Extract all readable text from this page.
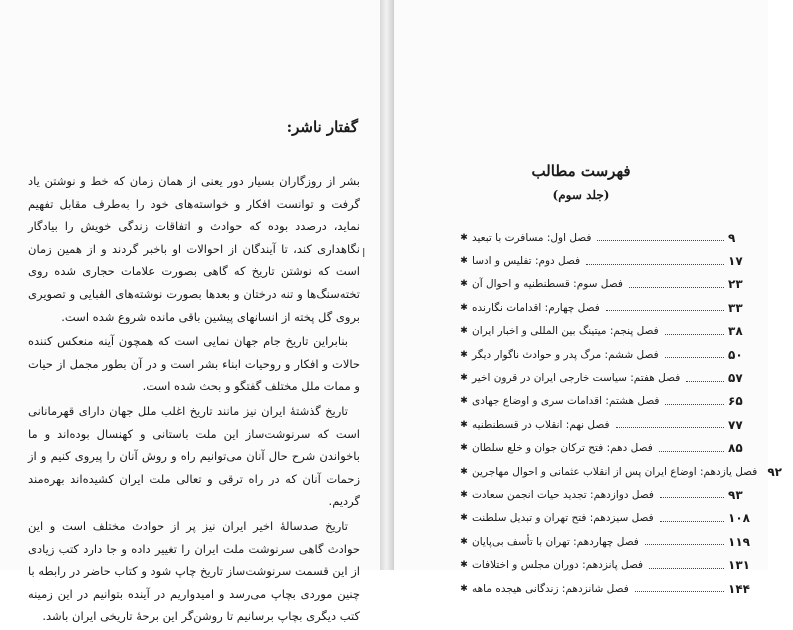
گفتار ناشر:

بشر از روزگاران بسیار دور یعنی از همان زمان که خط و نوشتن یاد گرفت و توانست افکار و خواسته‌های خود را به‌طرف مقابل تفهیم نماید، درصدد بوده که حوادث و اتفاقات زندگی خویش را بیادگار نگاهداری کند، تا آیندگان از احوالات او باخبر گردند و از همین زمان است که نوشتن تاریخ که گاهی بصورت علامات حجاری شده روی تخته‌سنگ‌ها و تنه درختان و بعدها بصورت نوشته‌های الفبایی و تصویری بروی گل پخته از انسانهای پیشین باقی مانده شروع شده است.

بنابراین تاریخ جام جهان نمایی است که همچون آینه منعکس کننده حالات و افکار و روحیات ابناء بشر است و در آن بطور مجمل از حیات و ممات ملل مختلف گفتگو و بحث شده است.

تاریخ گذشتهٔ ایران نیز مانند تاریخ اغلب ملل جهان دارای قهرمانانی است که سرنوشت‌ساز این ملت باستانی و کهنسال بوده‌اند و ما باخواندن شرح حال آنان می‌توانیم راه و روش آنان را پیروی کنیم و از زحمات آنان که در راه ترقی و تعالی ملت ایران کشیده‌اند بهره‌مند گردیم.

تاریخ صدسالهٔ اخیر ایران نیز پر از حوادث مختلف است و این حوادث گاهی سرنوشت ملت ایران را تغییر داده و جا دارد کتب زیادی از این قسمت سرنوشت‌ساز تاریخ چاپ شود و کتاب حاضر در رابطه با چنین موردی بچاپ می‌رسد و امیدواریم در آینده بتوانیم در این زمینه کتب دیگری بچاپ برسانیم تا روشن‌گر این برحهٔ تاریخی ایران باشد.

ا
فهرست مطالب
(جلد سوم)
✱ فصل اول: مسافرت با تبعید	۹
✱ فصل دوم: تفلیس و ادسا	۱۷
✱ فصل سوم: قسطنطنیه و احوال آن	۲۳
✱ فصل چهارم: اقدامات نگارنده	۳۳
✱ فصل پنجم: میتینگ بین المللی و اخبار ایران	۳۸
✱ فصل ششم: مرگ پدر و حوادث ناگوار دیگر	۵۰
✱ فصل هفتم: سیاست خارجی ایران در قرون اخیر	۵۷
✱ فصل هشتم: اقدامات سری و اوضاع جهادی	۶۵
✱ فصل نهم: انقلاب در قسطنطنیه	۷۷
✱ فصل دهم: فتح ترکان جوان و خلع سلطان	۸۵
✱ فصل یازدهم: اوضاع ایران پس از انقلاب عثمانی و احوال مهاجرین ۹۲
✱ فصل دوازدهم: تجدید حیات انجمن سعادت	۹۳
✱ فصل سیزدهم: فتح تهران و تبدیل سلطنت	۱۰۸
✱ فصل چهاردهم: تهران با تأسف بی‌پایان	۱۱۹
✱ فصل پانزدهم: دوران مجلس و اختلافات	۱۳۱
✱ فصل شانزدهم: زندگانی هیجده ماهه	۱۴۴
